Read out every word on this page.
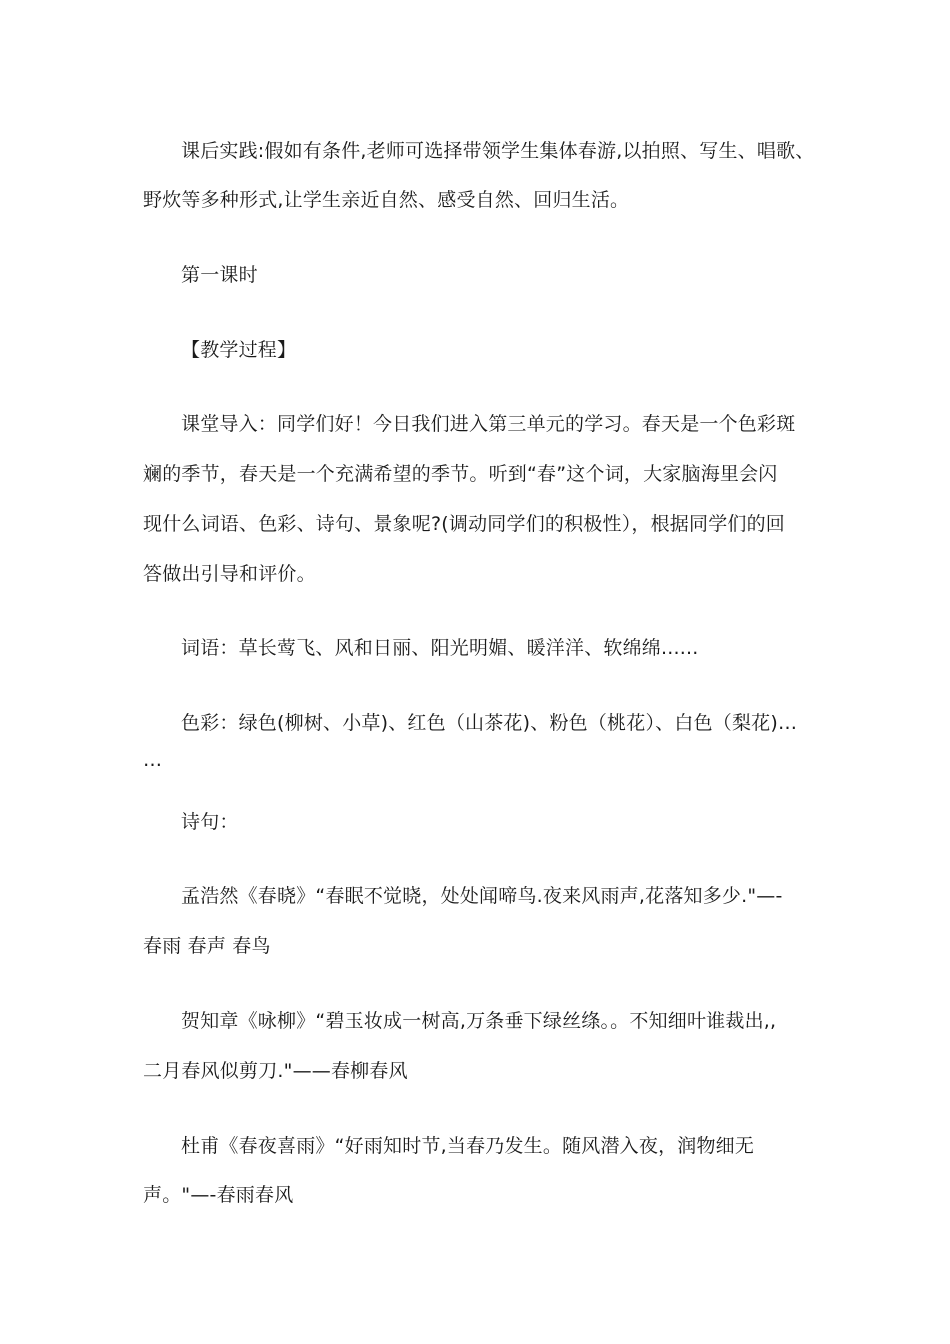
课后实践:假如有条件,老师可选择带领学生集体春游,以拍照、写生、唱歌、
野炊等多种形式,让学生亲近自然、感受自然、回归生活。
第一课时
【教学过程】
课堂导入：同学们好！今日我们进入第三单元的学习。春天是一个色彩斑
斓的季节，春天是一个充满希望的季节。听到“春”这个词，大家脑海里会闪
现什么词语、色彩、诗句、景象呢?(调动同学们的积极性），根据同学们的回
答做出引导和评价。
词语：草长莺飞、风和日丽、阳光明媚、暖洋洋、软绵绵......
色彩：绿色(柳树、小草)、红色（山茶花)、粉色（桃花）、白色（梨花)…
…
诗句：
孟浩然《春晓》“春眠不觉晓，处处闻啼鸟.夜来风雨声,花落知多少."—-
春雨 春声 春鸟
贺知章《咏柳》“碧玉妆成一树高,万条垂下绿丝绦。。不知细叶谁裁出,,
二月春风似剪刀."——春柳春风
杜甫《春夜喜雨》“好雨知时节,当春乃发生。随风潜入夜，润物细无
声。"—-春雨春风
